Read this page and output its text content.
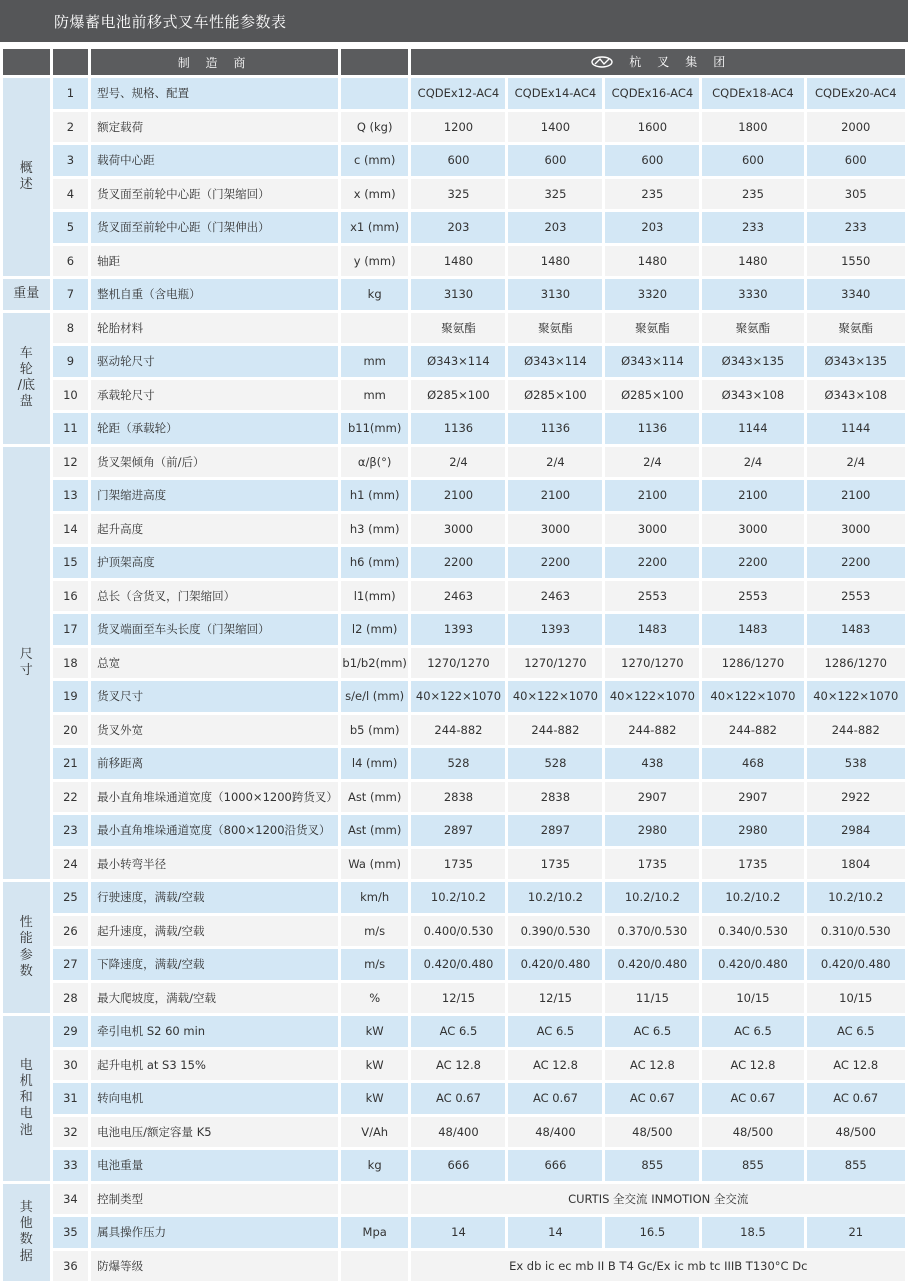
防爆蓄电池前移式叉车性能参数表
		制 造 商		杭 叉 集 团				

概
述	1	型号、规格、配置		CQDEx12-AC4	CQDEx14-AC4	CQDEx16-AC4	CQDEx18-AC4	CQDEx20-AC4
	2	额定载荷	Q (kg)	1200	1400	1600	1800	2000
	3	载荷中心距	c (mm)	600	600	600	600	600
	4	货叉面至前轮中心距（门架缩回）	x (mm)	325	325	235	235	305
	5	货叉面至前轮中心距（门架伸出）	x1 (mm)	203	203	203	233	233
	6	轴距	y (mm)	1480	1480	1480	1480	1550

重量	7	整机自重（含电瓶）	kg	3130	3130	3320	3330	3340

车
轮
/底
盘	8	轮胎材料		聚氨酯	聚氨酯	聚氨酯	聚氨酯	聚氨酯
	9	驱动轮尺寸	mm	Ø343×114	Ø343×114	Ø343×114	Ø343×135	Ø343×135
	10	承载轮尺寸	mm	Ø285×100	Ø285×100	Ø285×100	Ø343×108	Ø343×108
	11	轮距（承载轮）	b11(mm)	1136	1136	1136	1144	1144

尺
寸	12	货叉架倾角（前/后）	α/β(°)	2/4	2/4	2/4	2/4	2/4
	13	门架缩进高度	h1 (mm)	2100	2100	2100	2100	2100
	14	起升高度	h3 (mm)	3000	3000	3000	3000	3000
	15	护顶架高度	h6 (mm)	2200	2200	2200	2200	2200
	16	总长（含货叉，门架缩回）	l1(mm)	2463	2463	2553	2553	2553
	17	货叉端面至车头长度（门架缩回）	l2 (mm)	1393	1393	1483	1483	1483
	18	总宽	b1/b2(mm)	1270/1270	1270/1270	1270/1270	1286/1270	1286/1270
	19	货叉尺寸	s/e/l (mm)	40×122×1070	40×122×1070	40×122×1070	40×122×1070	40×122×1070
	20	货叉外宽	b5 (mm)	244-882	244-882	244-882	244-882	244-882
	21	前移距离	l4 (mm)	528	528	438	468	538
	22	最小直角堆垛通道宽度（1000×1200跨货叉）	Ast (mm)	2838	2838	2907	2907	2922
	23	最小直角堆垛通道宽度（800×1200沿货叉）	Ast (mm)	2897	2897	2980	2980	2984
	24	最小转弯半径	Wa (mm)	1735	1735	1735	1735	1804

性
能
参
数	25	行驶速度，满载/空载	km/h	10.2/10.2	10.2/10.2	10.2/10.2	10.2/10.2	10.2/10.2
	26	起升速度，满载/空载	m/s	0.400/0.530	0.390/0.530	0.370/0.530	0.340/0.530	0.310/0.530
	27	下降速度，满载/空载	m/s	0.420/0.480	0.420/0.480	0.420/0.480	0.420/0.480	0.420/0.480
	28	最大爬坡度，满载/空载	%	12/15	12/15	11/15	10/15	10/15

电
机
和
电
池	29	牵引电机 S2 60 min	kW	AC 6.5	AC 6.5	AC 6.5	AC 6.5	AC 6.5
	30	起升电机 at S3 15%	kW	AC 12.8	AC 12.8	AC 12.8	AC 12.8	AC 12.8
	31	转向电机	kW	AC 0.67	AC 0.67	AC 0.67	AC 0.67	AC 0.67
	32	电池电压/额定容量 K5	V/Ah	48/400	48/400	48/500	48/500	48/500
	33	电池重量	kg	666	666	855	855	855

其
他
数
据	34	控制类型		CURTIS 全交流 INMOTION 全交流				
	35	属具操作压力	Mpa	14	14	16.5	18.5	21
	36	防爆等级		Ex db ic ec mb II B T4 Gc/Ex ic mb tc IIIB T130°C Dc				
